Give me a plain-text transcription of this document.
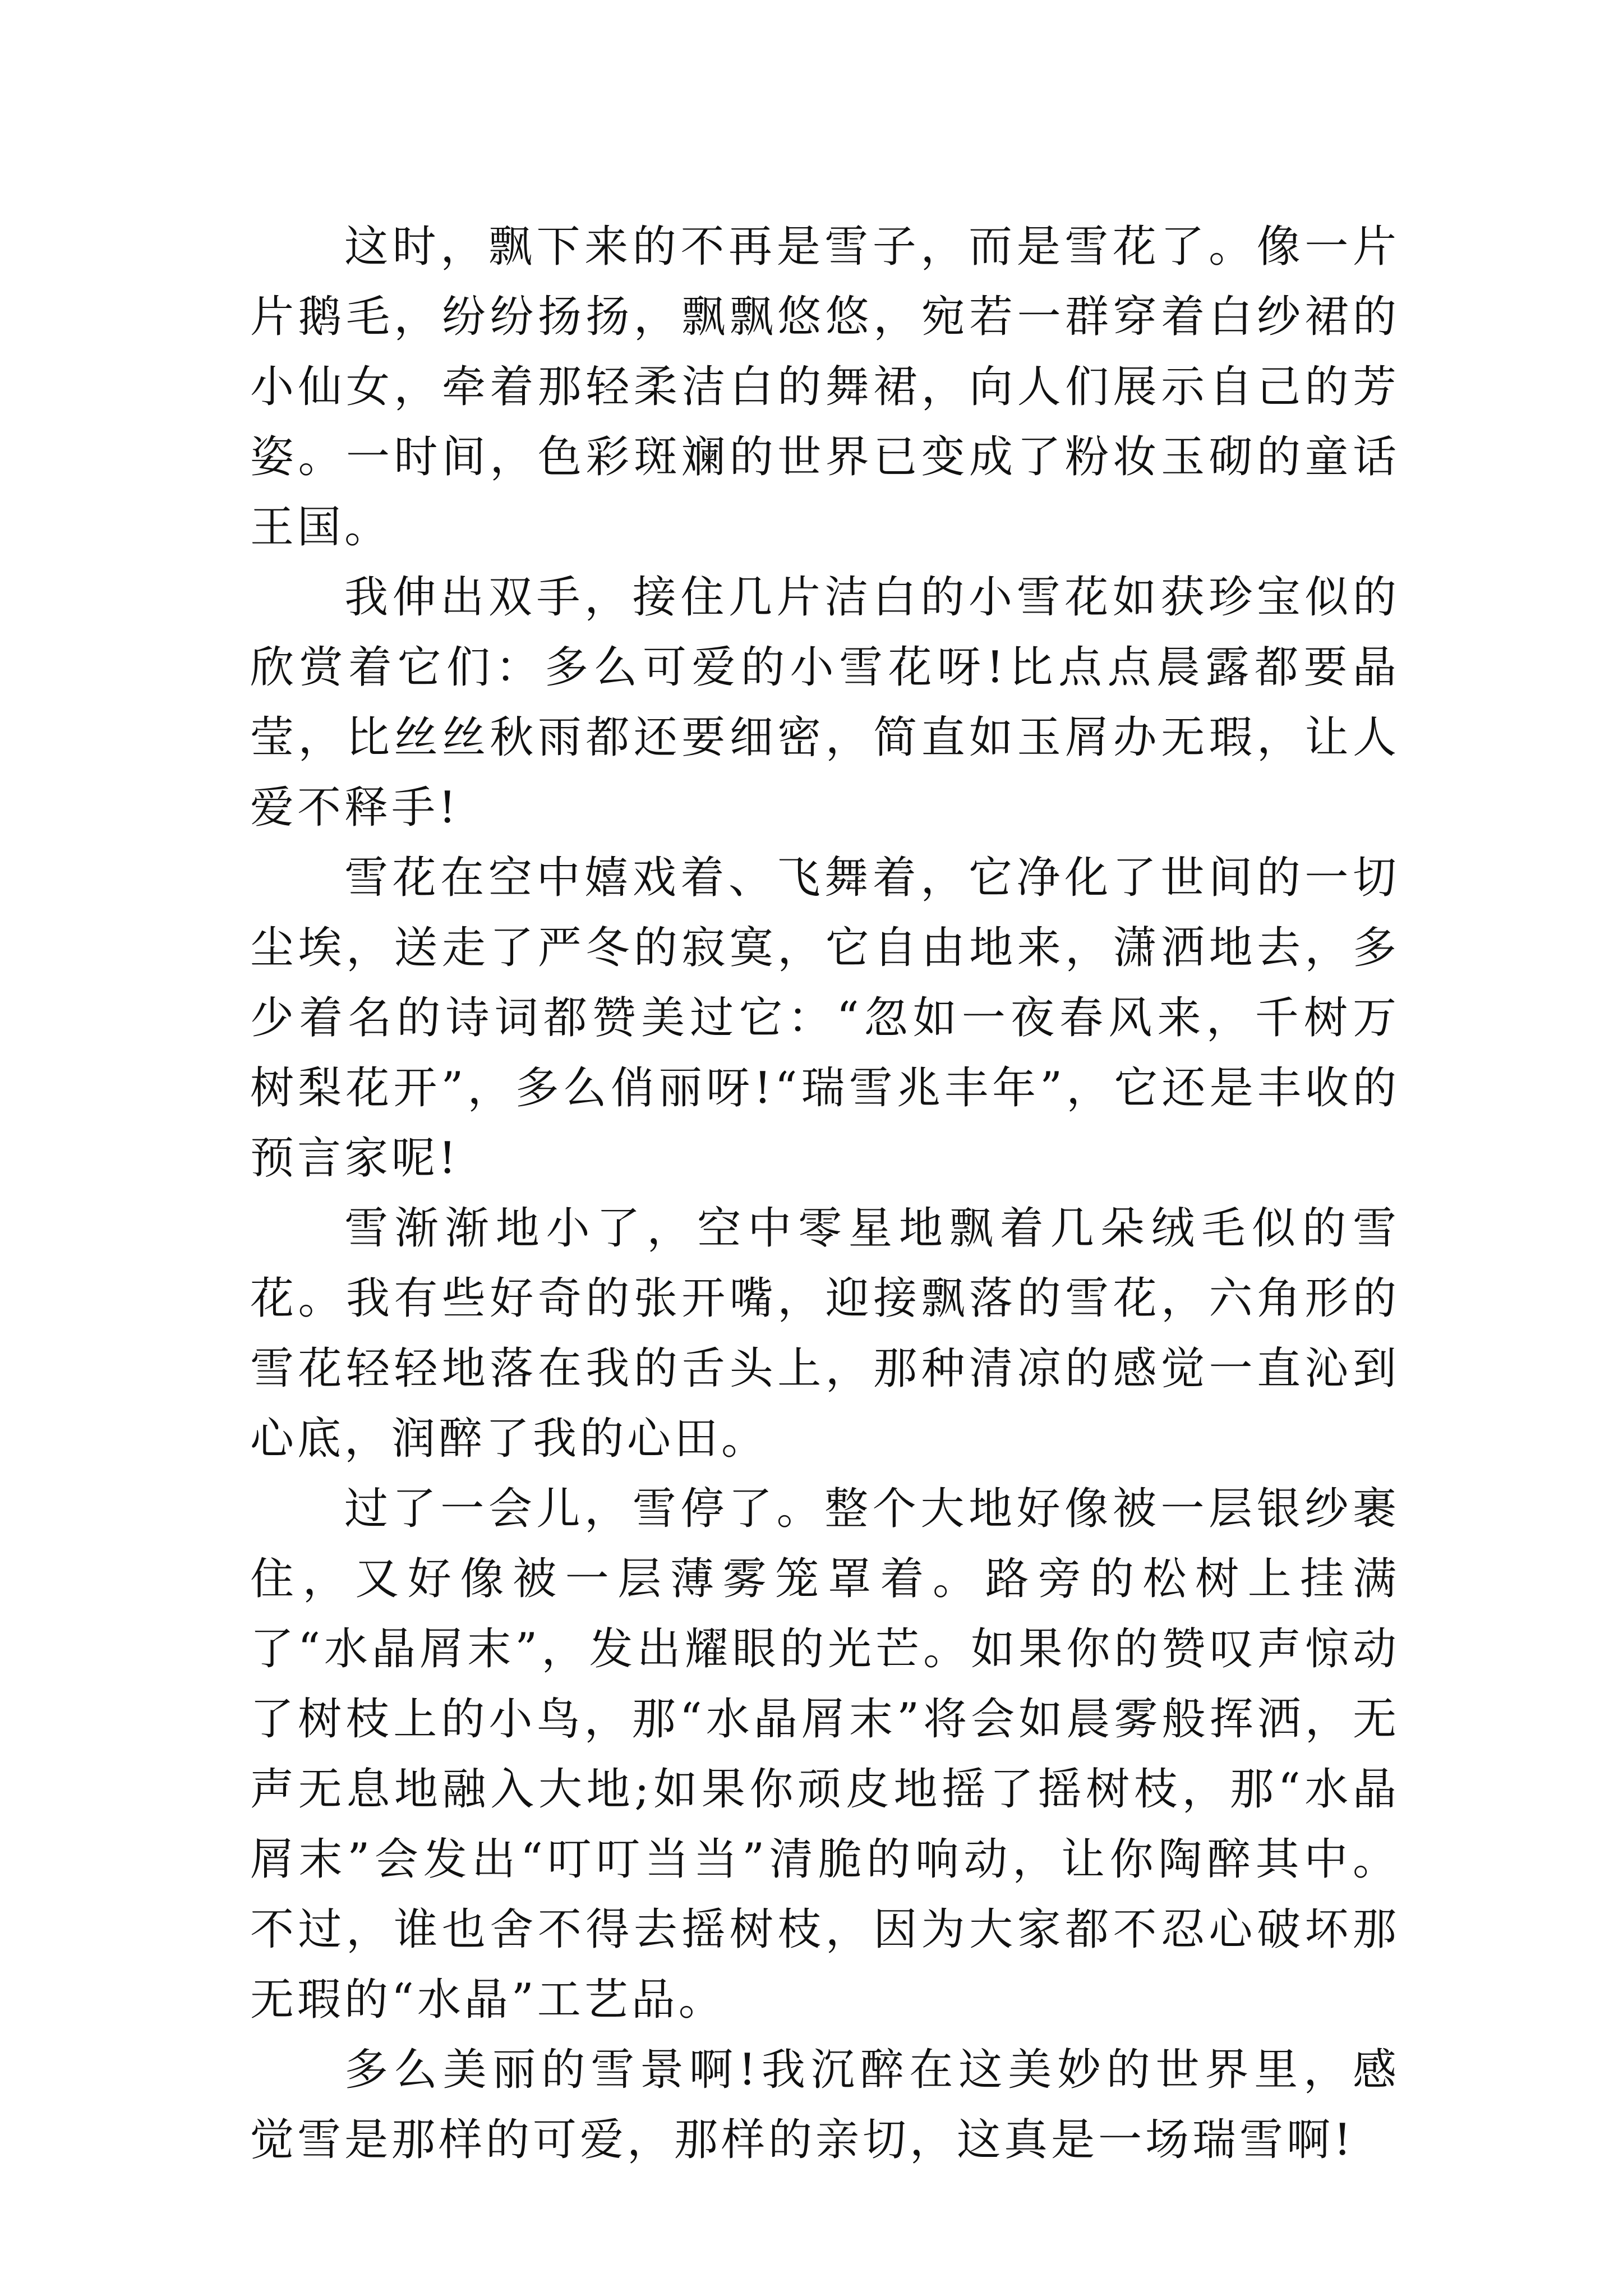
这时，飘下来的不再是雪子，而是雪花了。像一片片鹅毛，纷纷扬扬，飘飘悠悠，宛若一群穿着白纱裙的小仙女，牵着那轻柔洁白的舞裙，向人们展示自己的芳姿。一时间，色彩斑斓的世界已变成了粉妆玉砌的童话王国。

我伸出双手，接住几片洁白的小雪花如获珍宝似的欣赏着它们：多么可爱的小雪花呀!比点点晨露都要晶莹，比丝丝秋雨都还要细密，简直如玉屑办无瑕，让人爱不释手!

雪花在空中嬉戏着、飞舞着，它净化了世间的一切尘埃，送走了严冬的寂寞，它自由地来，潇洒地去，多少着名的诗词都赞美过它：“忽如一夜春风来，千树万树梨花开”，多么俏丽呀!“瑞雪兆丰年”，它还是丰收的预言家呢!

雪渐渐地小了，空中零星地飘着几朵绒毛似的雪花。我有些好奇的张开嘴，迎接飘落的雪花，六角形的雪花轻轻地落在我的舌头上，那种清凉的感觉一直沁到心底，润醉了我的心田。

过了一会儿，雪停了。整个大地好像被一层银纱裹住，又好像被一层薄雾笼罩着。路旁的松树上挂满了“水晶屑末”，发出耀眼的光芒。如果你的赞叹声惊动了树枝上的小鸟，那“水晶屑末”将会如晨雾般挥洒，无声无息地融入大地;如果你顽皮地摇了摇树枝，那“水晶屑末”会发出“叮叮当当”清脆的响动，让你陶醉其中。不过，谁也舍不得去摇树枝，因为大家都不忍心破坏那无瑕的“水晶”工艺品。

多么美丽的雪景啊!我沉醉在这美妙的世界里，感觉雪是那样的可爱，那样的亲切，这真是一场瑞雪啊!
